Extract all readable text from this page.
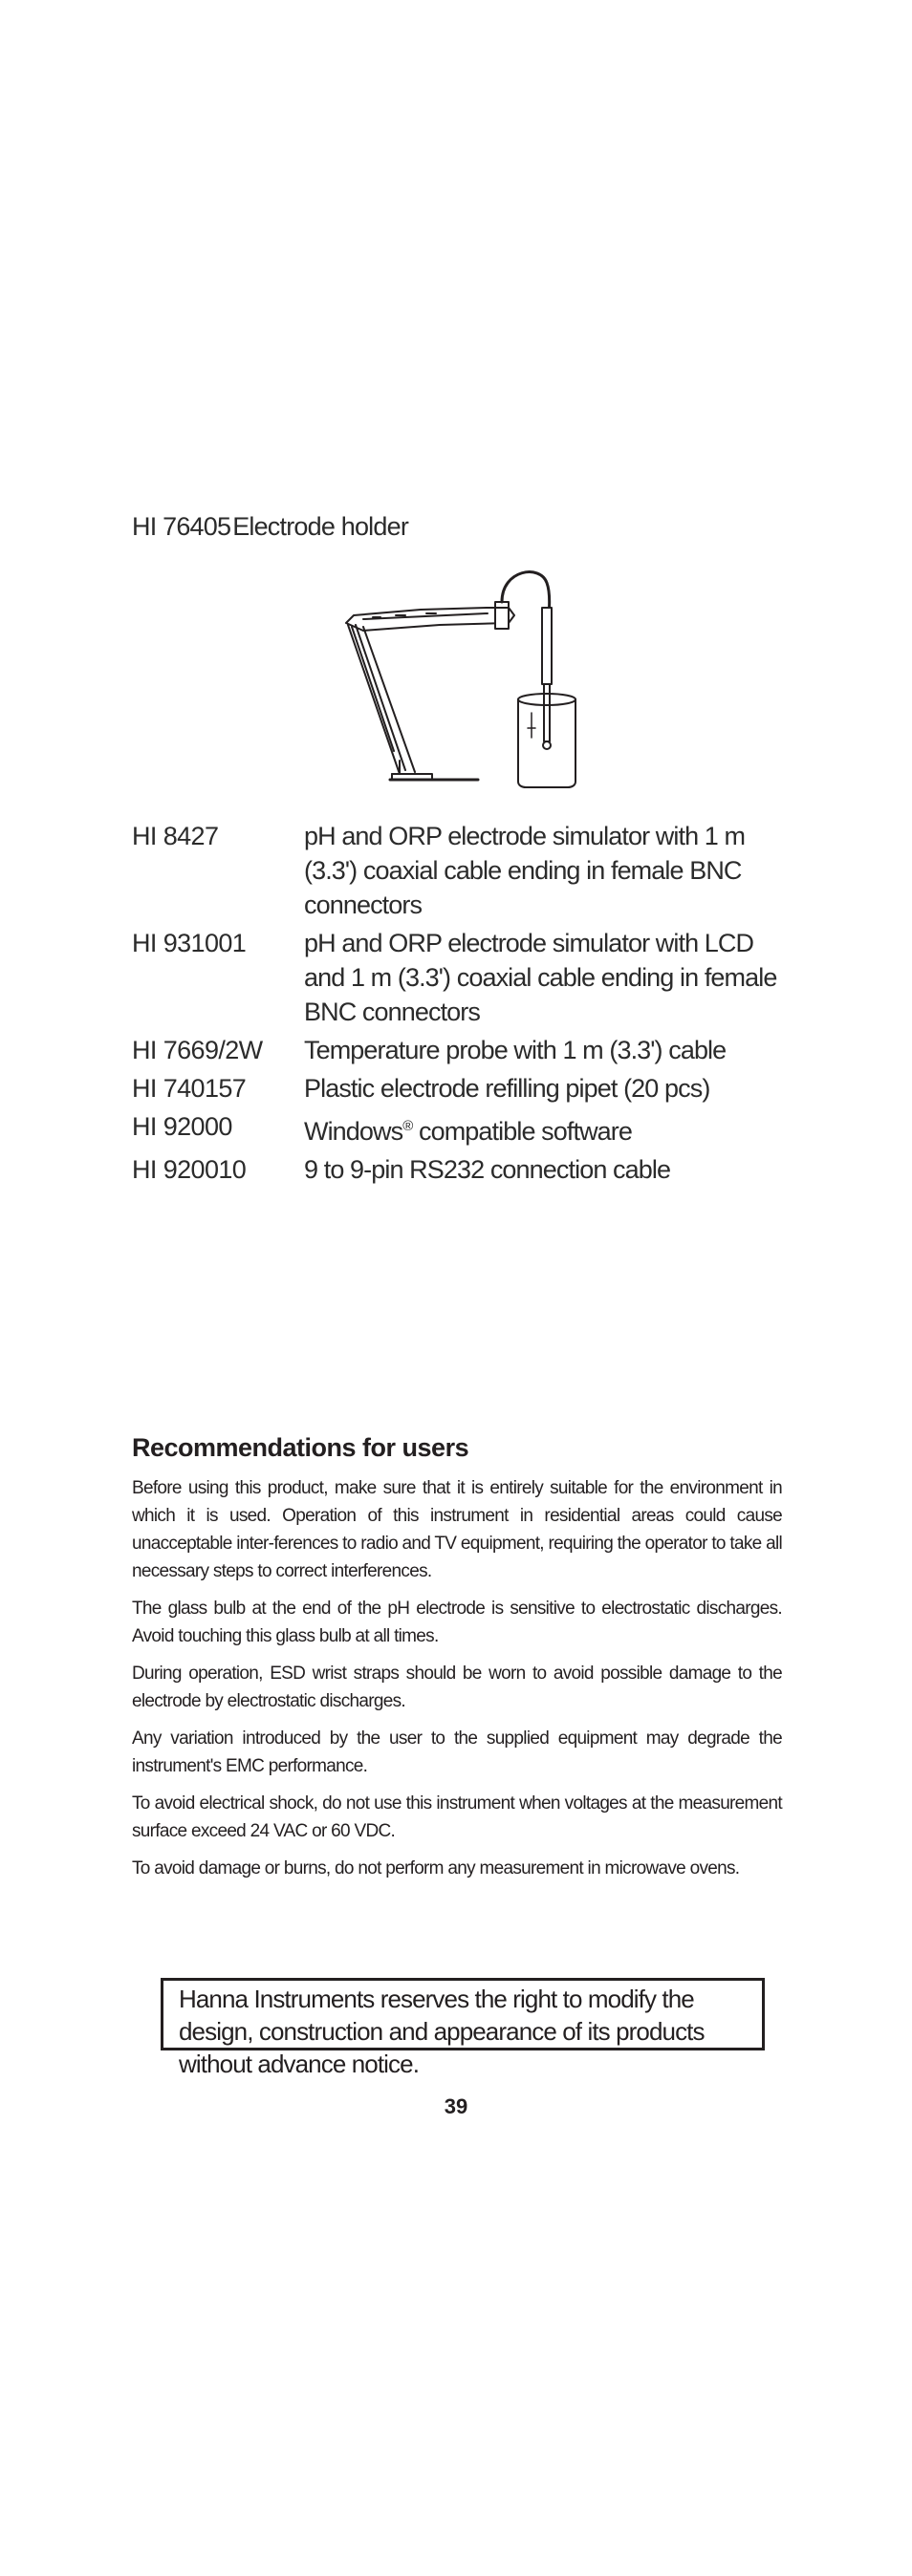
HI 76405Electrode holder
HI 8427	pH and ORP electrode simulator with 1 m (3.3') coaxial cable ending in female BNC connectors
HI 931001	pH and ORP electrode simulator with LCD and 1 m (3.3') coaxial cable ending in female BNC connectors
HI 7669/2W	Temperature probe with 1 m (3.3') cable
HI 740157	Plastic electrode refilling pipet (20 pcs)
HI 92000	Windows® compatible software
HI 920010	9 to 9-pin RS232 connection cable
Recommendations for users

Before using this product, make sure that it is entirely suitable for the environment in which it is used. Operation of this instrument in residential areas could cause unacceptable inter-ferences to radio and TV equipment, requiring the operator to take all necessary steps to correct interferences.

The glass bulb at the end of the pH electrode is sensitive to electrostatic discharges. Avoid touching this glass bulb at all times.

During operation, ESD wrist straps should be worn to avoid possible damage to the electrode by electrostatic discharges.

Any variation introduced by the user to the supplied equipment may degrade the instrument's EMC performance.

To avoid electrical shock, do not use this instrument when voltages at the measurement surface exceed 24 VAC or 60 VDC.

To avoid damage or burns, do not perform any measurement in microwave ovens.

Hanna Instruments reserves the right to modify the design, construction and appearance of its products without advance notice.
39
